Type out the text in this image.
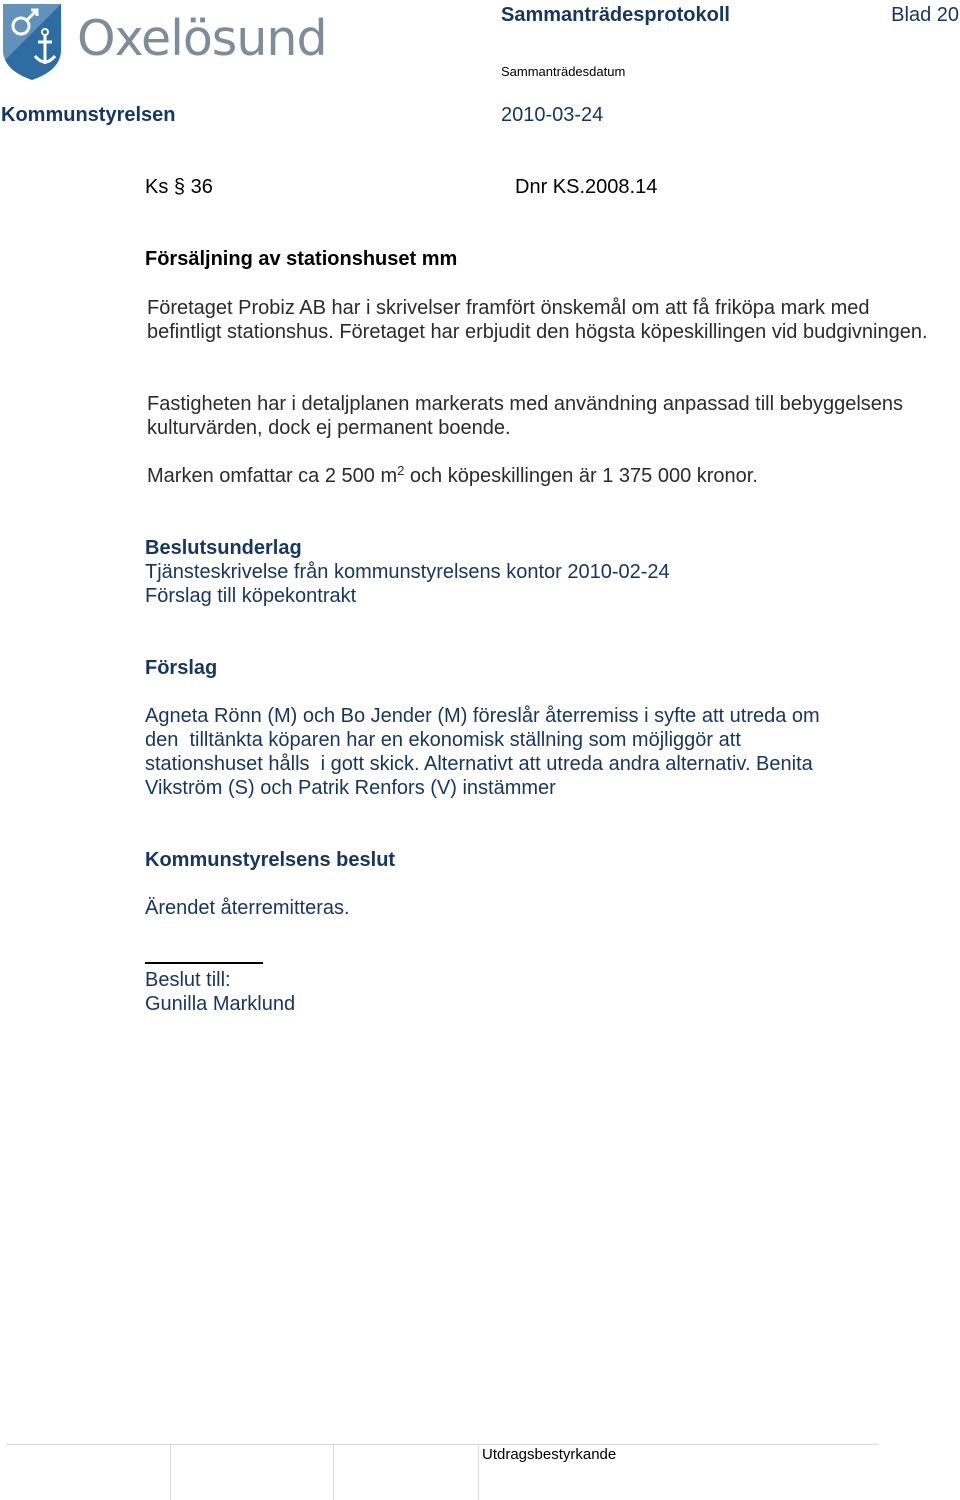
Oxelösund	Sammanträdesprotokoll	Blad 20
Sammanträdesdatum
Kommunstyrelsen	2010-03-24
Ks § 36	Dnr KS.2008.14
Försäljning av stationshuset mm
Företaget Probiz AB har i skrivelser framfört önskemål om att få friköpa mark med befintligt stationshus. Företaget har erbjudit den högsta köpeskillingen vid budgivningen.
Fastigheten har i detaljplanen markerats med användning anpassad till bebyggelsens kulturvärden, dock ej permanent boende.
Marken omfattar ca 2 500 $m^2$ och köpeskillingen är 1 375 000 kronor.
Beslutsunderlag
Tjänsteskrivelse från kommunstyrelsens kontor 2010-02-24
Förslag till köpekontrakt
Förslag
Agneta Rönn (M) och Bo Jender (M) föreslår återremiss i syfte att utreda om
den  tilltänkta köparen har en ekonomisk ställning som möjliggör att
stationshuset hålls  i gott skick. Alternativt att utreda andra alternativ. Benita
Vikström (S) och Patrik Renfors (V) instämmer
Kommunstyrelsens beslut
Ärendet återremitteras.
Beslut till:
Gunilla Marklund
Utdragsbestyrkande
